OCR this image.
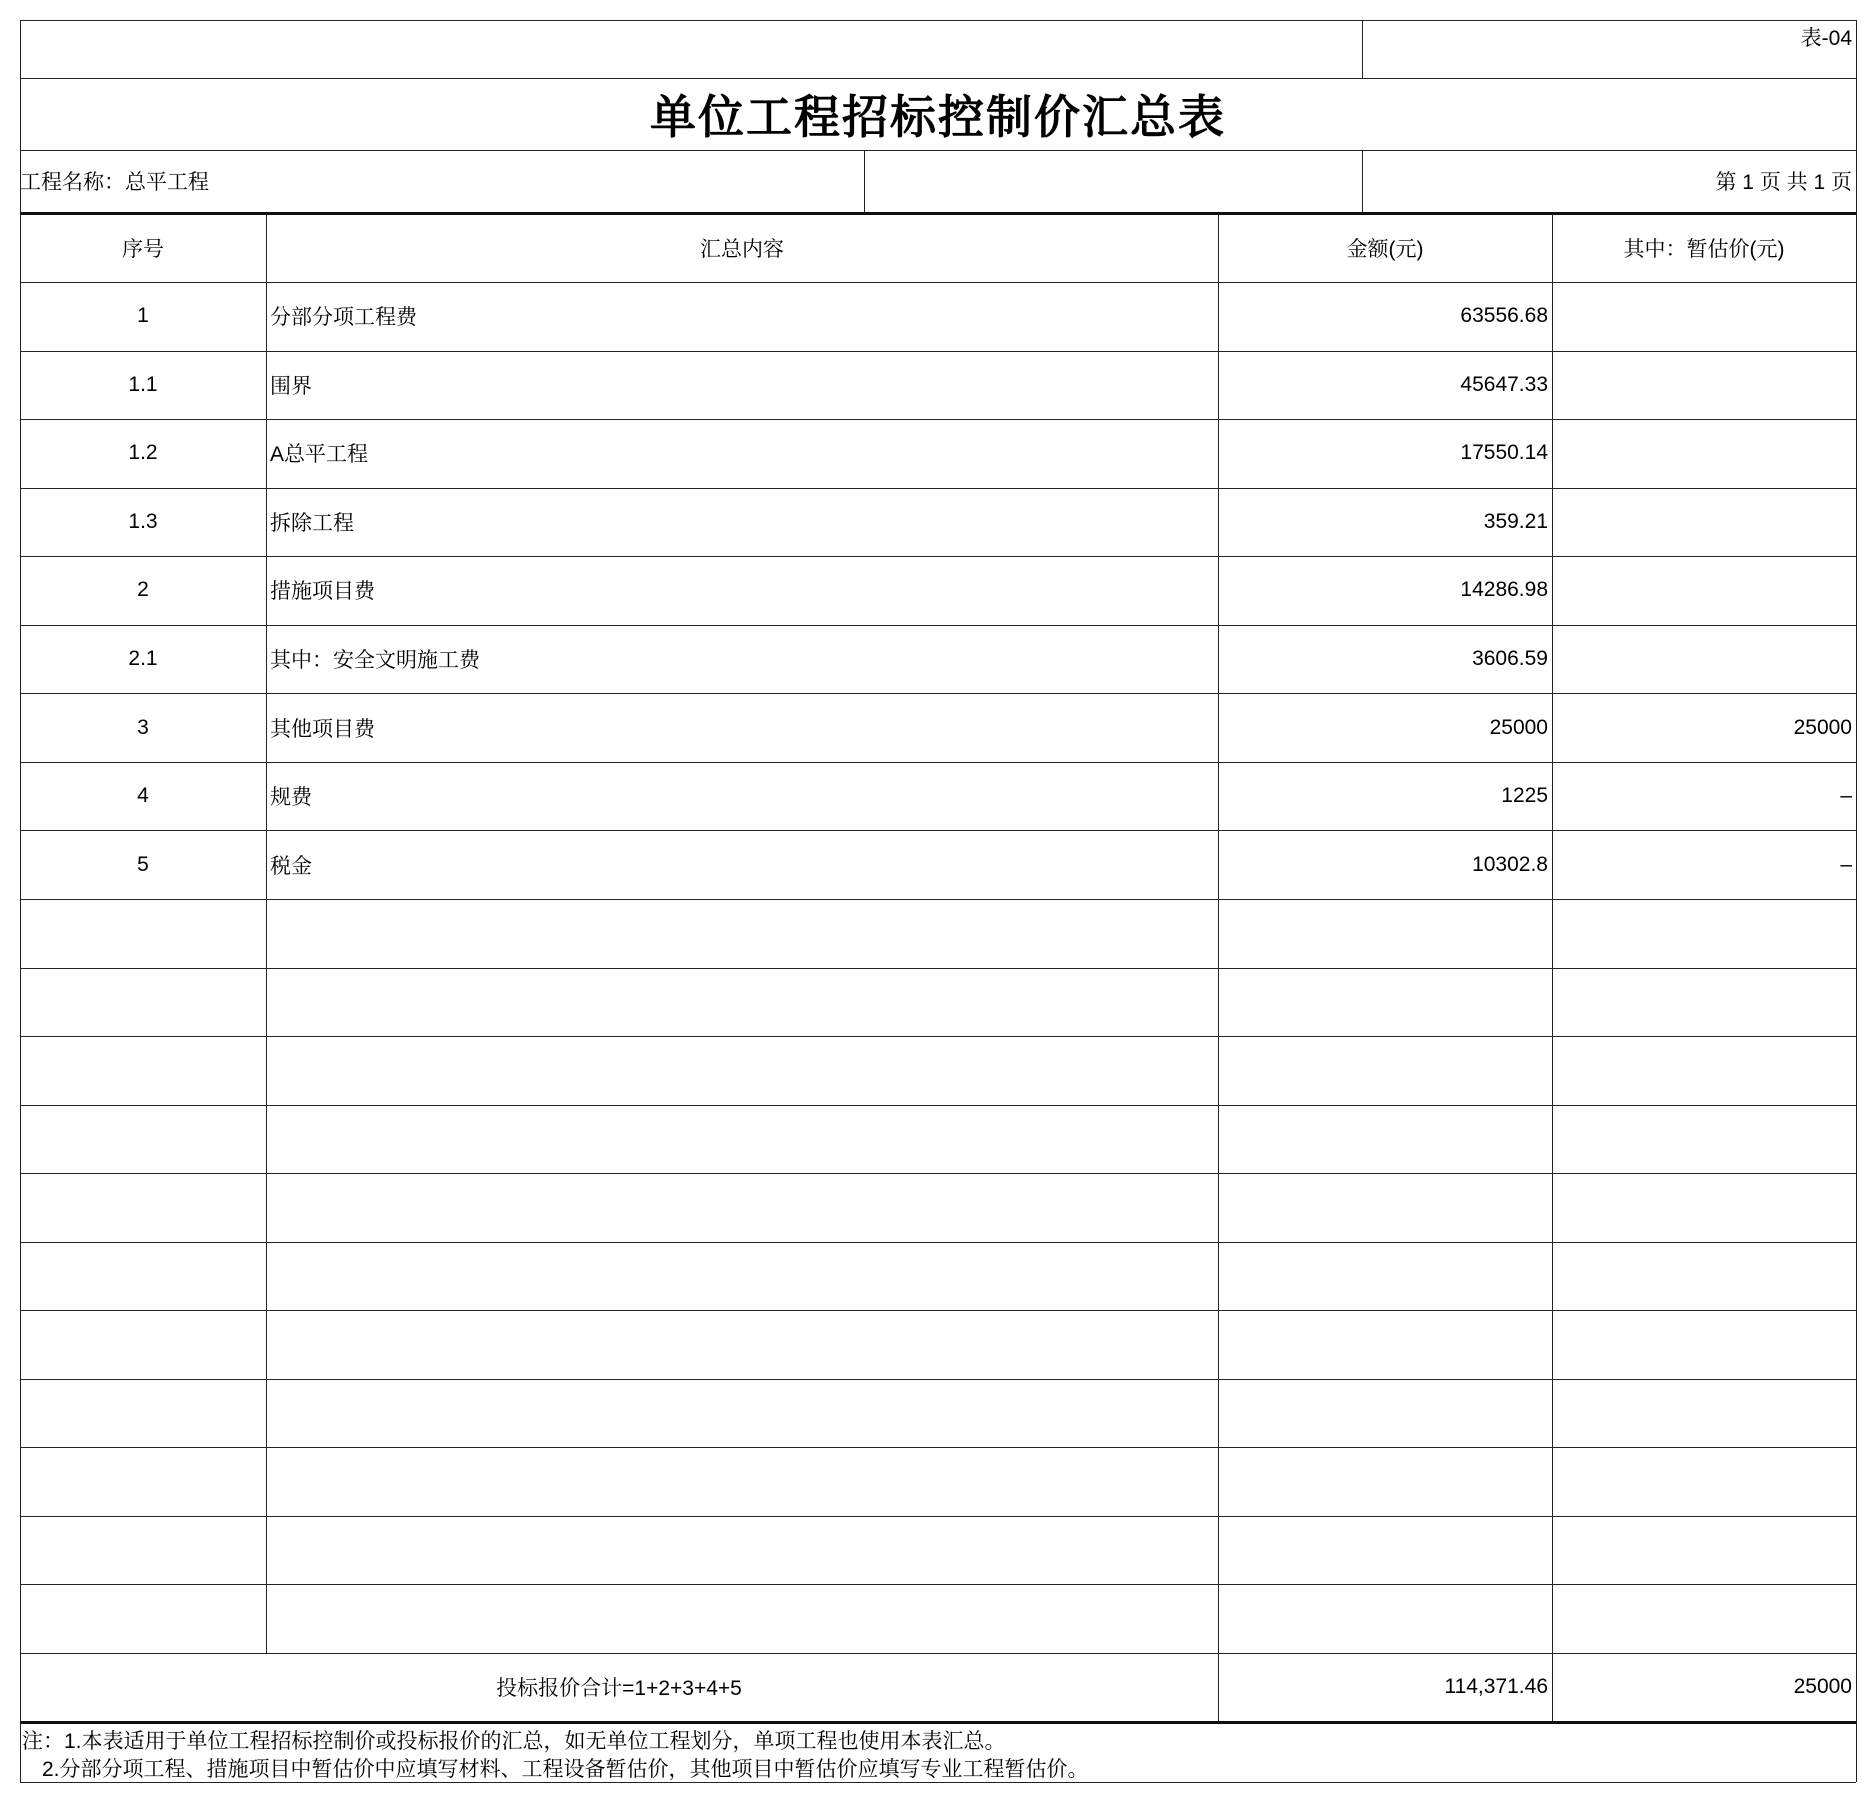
表-04
单位工程招标控制价汇总表
工程名称：总平工程	第 1 页 共 1 页
序号	汇总内容	金额(元)	其中：暂估价(元)
1	分部分项工程费	63556.68
1.1	围界	45647.33
1.2	A总平工程	17550.14
1.3	拆除工程	359.21
2	措施项目费	14286.98
2.1	其中：安全文明施工费	3606.59
3	其他项目费	25000	25000
4	规费	1225	–
5	税金	10302.8	–
投标报价合计=1+2+3+4+5	114,371.46	25000
注：1.本表适用于单位工程招标控制价或投标报价的汇总，如无单位工程划分，单项工程也使用本表汇总。
2.分部分项工程、措施项目中暂估价中应填写材料、工程设备暂估价，其他项目中暂估价应填写专业工程暂估价。
